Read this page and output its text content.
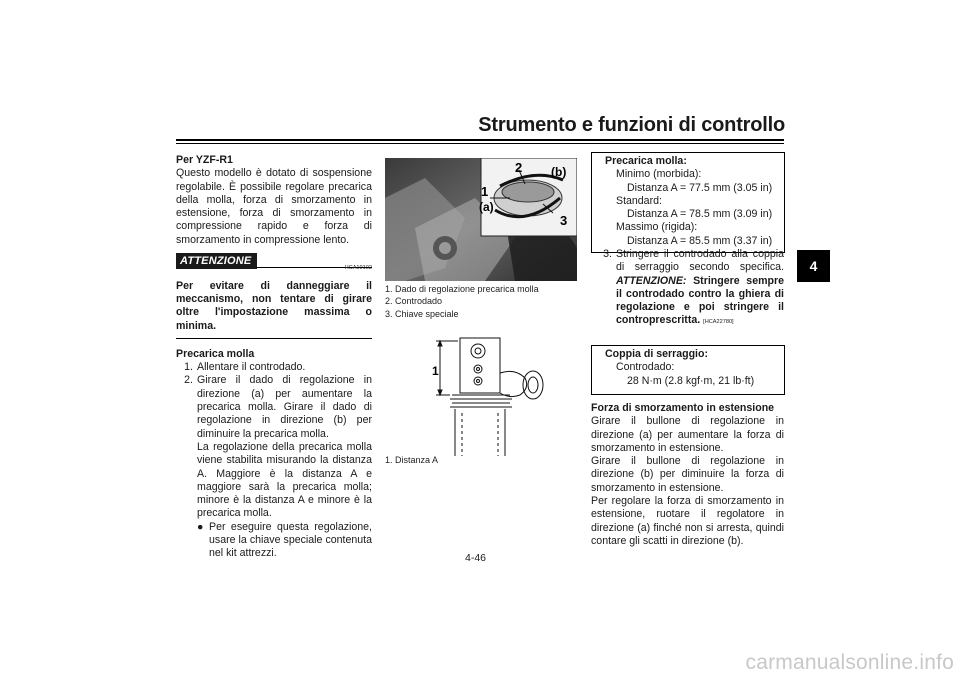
Strumento e funzioni di controllo
4

Per YZF-R1

Questo modello è dotato di sospensione regolabile. È possibile regolare precarica della molla, forza di smorzamento in estensione, forza di smorzamento in compressione rapido e forza di smorzamento in compressione lento.

ATTENZIONE
HCA10102

Per evitare di danneggiare il meccanismo, non tentare di girare oltre l'impostazione massima o minima.

Precarica molla

1. Allentare il controdado.
2. Girare il dado di regolazione in direzione (a) per aumentare la precarica molla. Girare il dado di regolazione in direzione (b) per diminuire la precarica molla.
La regolazione della precarica molla viene stabilita misurando la distanza A. Maggiore è la distanza A e maggiore sarà la precarica molla; minore è la distanza A e minore è la precarica molla.
● Per eseguire questa regolazione, usare la chiave speciale contenuta nel kit attrezzi.
1
2
3
(a)
(b)
1. Dado di regolazione precarica molla
2. Controdado
3. Chiave speciale
1
1. Distanza A
Precarica molla:
Minimo (morbida):
Distanza A = 77.5 mm (3.05 in)
Standard:
Distanza A = 78.5 mm (3.09 in)
Massimo (rigida):
Distanza A = 85.5 mm (3.37 in)
3. Stringere il controdado alla coppia di serraggio secondo specifica. ATTENZIONE: Stringere sempre il controdado contro la ghiera di regolazione e poi stringere il controprescritta. [HCA22780]
Coppia di serraggio:
Controdado:
28 N·m (2.8 kgf·m, 21 lb·ft)

Forza di smorzamento in estensione

Girare il bullone di regolazione in direzione (a) per aumentare la forza di smorzamento in estensione.

Girare il bullone di regolazione in direzione (b) per diminuire la forza di smorzamento in estensione.

Per regolare la forza di smorzamento in estensione, ruotare il regolatore in direzione (a) finché non si arresta, quindi contare gli scatti in direzione (b).

4-46
carmanualsonline.info
